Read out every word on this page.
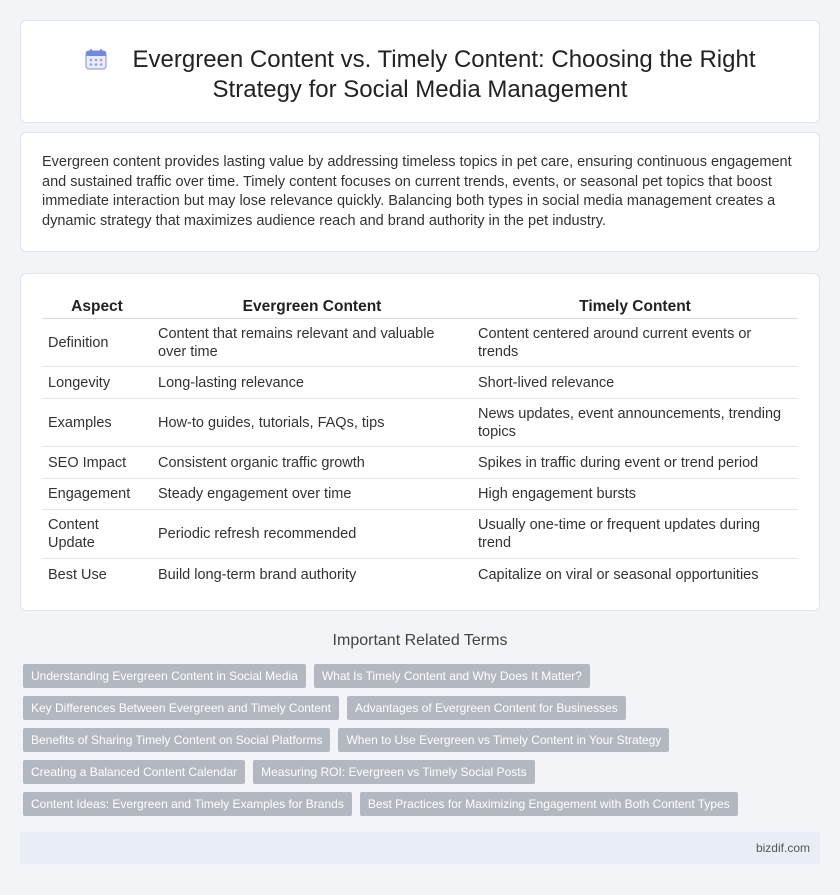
Evergreen Content vs. Timely Content: Choosing the Right Strategy for Social Media Management

Evergreen content provides lasting value by addressing timeless topics in pet care, ensuring continuous engagement and sustained traffic over time. Timely content focuses on current trends, events, or seasonal pet topics that boost immediate interaction but may lose relevance quickly. Balancing both types in social media management creates a dynamic strategy that maximizes audience reach and brand authority in the pet industry.

Aspect	Evergreen Content	Timely Content
Definition	Content that remains relevant and valuable over time	Content centered around current events or trends
Longevity	Long-lasting relevance	Short-lived relevance
Examples	How-to guides, tutorials, FAQs, tips	News updates, event announcements, trending topics
SEO Impact	Consistent organic traffic growth	Spikes in traffic during event or trend period
Engagement	Steady engagement over time	High engagement bursts
Content Update	Periodic refresh recommended	Usually one-time or frequent updates during trend
Best Use	Build long-term brand authority	Capitalize on viral or seasonal opportunities
Important Related Terms
Understanding Evergreen Content in Social Media What Is Timely Content and Why Does It Matter?
Key Differences Between Evergreen and Timely Content Advantages of Evergreen Content for Businesses
Benefits of Sharing Timely Content on Social Platforms When to Use Evergreen vs Timely Content in Your Strategy
Creating a Balanced Content Calendar Measuring ROI: Evergreen vs Timely Social Posts
Content Ideas: Evergreen and Timely Examples for Brands Best Practices for Maximizing Engagement with Both Content Types
bizdif.com
